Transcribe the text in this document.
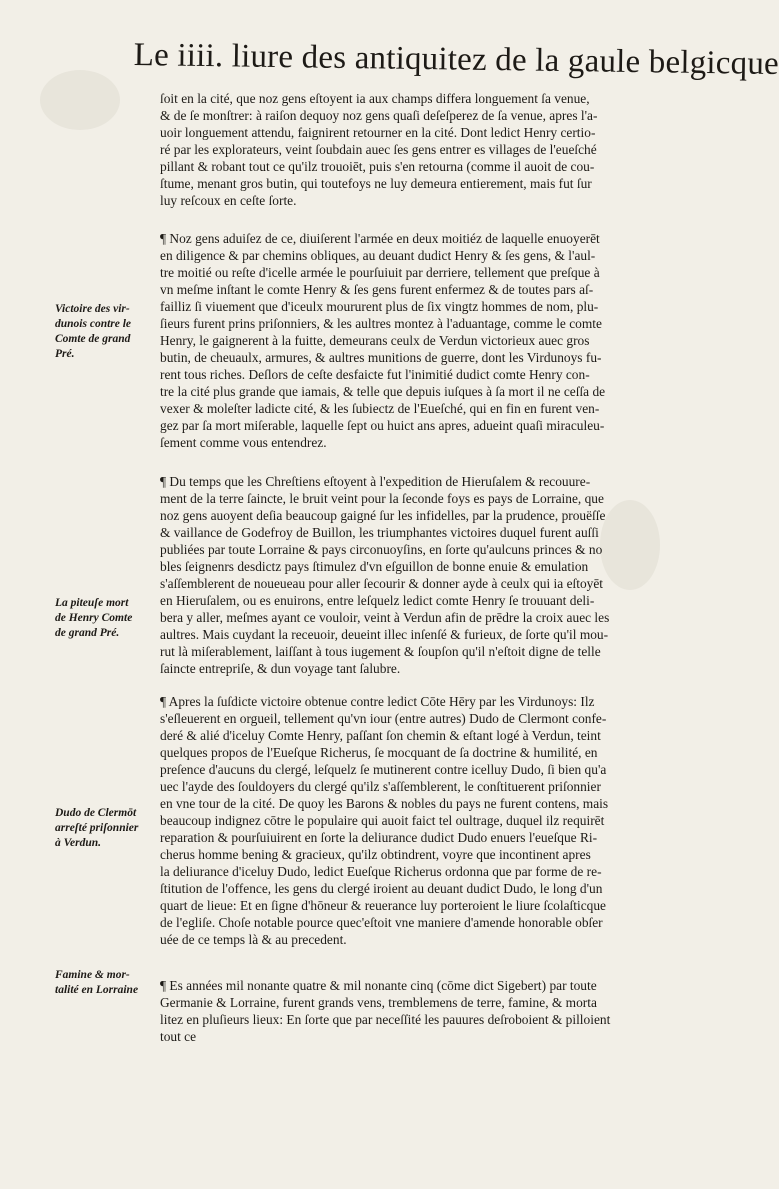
Le iiii. liure des antiquitez de la gaule belgicque
ſoit en la cité, que noz gens eſtoyent ia aux champs differa longuement ſa venue,
& de ſe monſtrer: à raiſon dequoy noz gens quaſi deſeſperez de ſa venue, apres l'a-
uoir longuement attendu, faignirent retourner en la cité. Dont ledict Henry certio-
ré par les explorateurs, veint ſoubdain auec ſes gens entrer es villages de l'eueſché
pillant & robant tout ce qu'ilz trouoiēt, puis s'en retourna (comme il auoit de cou-
ſtume, menant gros butin, qui toutefoys ne luy demeura entierement, mais fut ſur
luy reſcoux en ceſte ſorte.
¶ Noz gens aduiſez de ce, diuiſerent l'armée en deux moitiéz de laquelle enuoyerēt
en diligence & par chemins obliques, au deuant dudict Henry & ſes gens, & l'aul-
tre moitié ou reſte d'icelle armée le pourſuiuit par derriere, tellement que preſque à
vn meſme inſtant le comte Henry & ſes gens furent enfermez & de toutes pars aſ-
failliz ſi viuement que d'iceulx moururent plus de ſix vingtz hommes de nom, plu-
ſieurs furent prins priſonniers, & les aultres montez à l'aduantage, comme le comte
Henry, le gaignerent à la fuitte, demeurans ceulx de Verdun victorieux auec gros
butin, de cheuaulx, armures, & aultres munitions de guerre, dont les Virdunoys fu-
rent tous riches. Deſlors de ceſte desfaicte fut l'inimitié dudict comte Henry con-
tre la cité plus grande que iamais, & telle que depuis iuſques à ſa mort il ne ceſſa de
vexer & moleſter ladicte cité, & les ſubiectz de l'Eueſché, qui en fin en furent ven-
gez par ſa mort miſerable, laquelle ſept ou huict ans apres, adueint quaſi miraculeu-
ſement comme vous entendrez.
¶ Du temps que les Chreſtiens eſtoyent à l'expedition de Hieruſalem & recouure-
ment de la terre ſaincte, le bruit veint pour la ſeconde foys es pays de Lorraine, que
noz gens auoyent deſia beaucoup gaigné ſur les infidelles, par la prudence, prouëſſe
& vaillance de Godefroy de Buillon, les triumphantes victoires duquel furent auſſi
publiées par toute Lorraine & pays circonuoyſins, en ſorte qu'aulcuns princes & no
bles ſeignenrs desdictz pays ſtimulez d'vn eſguillon de bonne enuie & emulation
s'aſſemblerent de noueueau pour aller ſecourir & donner ayde à ceulx qui ia eſtoyēt
en Hieruſalem, ou es enuirons, entre leſquelz ledict comte Henry ſe trouuant deli-
bera y aller, meſmes ayant ce vouloir, veint à Verdun afin de prēdre la croix auec les
aultres. Mais cuydant la receuoir, deueint illec inſenſé & furieux, de ſorte qu'il mou-
rut là miſerablement, laiſſant à tous iugement & ſoupſon qu'il n'eſtoit digne de telle
ſaincte entrepriſe, & dun voyage tant ſalubre.
¶ Apres la ſuſdicte victoire obtenue contre ledict Cōte Hēry par les Virdunoys: Ilz
s'eſleuerent en orgueil, tellement qu'vn iour (entre autres) Dudo de Clermont confe-
deré & alié d'iceluy Comte Henry, paſſant ſon chemin & eſtant logé à Verdun, teint
quelques propos de l'Eueſque Richerus, ſe mocquant de ſa doctrine & humilité, en
preſence d'aucuns du clergé, leſquelz ſe mutinerent contre icelluy Dudo, ſi bien qu'a
uec l'ayde des ſouldoyers du clergé qu'ilz s'aſſemblerent, le conſtituerent priſonnier
en vne tour de la cité. De quoy les Barons & nobles du pays ne furent contens, mais
beaucoup indignez cōtre le populaire qui auoit faict tel oultrage, duquel ilz requirēt
reparation & pourſuiuirent en ſorte la deliurance dudict Dudo enuers l'eueſque Ri-
cherus homme bening & gracieux, qu'ilz obtindrent, voyre que incontinent apres
la deliurance d'iceluy Dudo, ledict Eueſque Richerus ordonna que par forme de re-
ſtitution de l'offence, les gens du clergé iroient au deuant dudict Dudo, le long d'un
quart de lieue: Et en ſigne d'hōneur & reuerance luy porteroient le liure ſcolaſticque
de l'egliſe. Choſe notable pource quec'eſtoit vne maniere d'amende honorable obſer
uée de ce temps là & au precedent.
¶ Es années mil nonante quatre & mil nonante cinq (cōme dict Sigebert) par toute
Germanie & Lorraine, furent grands vens, tremblemens de terre, famine, & morta
litez en pluſieurs lieux: En ſorte que par neceſſité les pauures deſroboient & pilloient
tout ce
Victoire des vir-
dunois contre le
Comte de grand
Pré.
La piteuſe mort
de Henry Comte
de grand Pré.
Dudo de Clermōt
arreſté priſonnier
à Verdun.
Famine & mor-
talité en Lorraine
